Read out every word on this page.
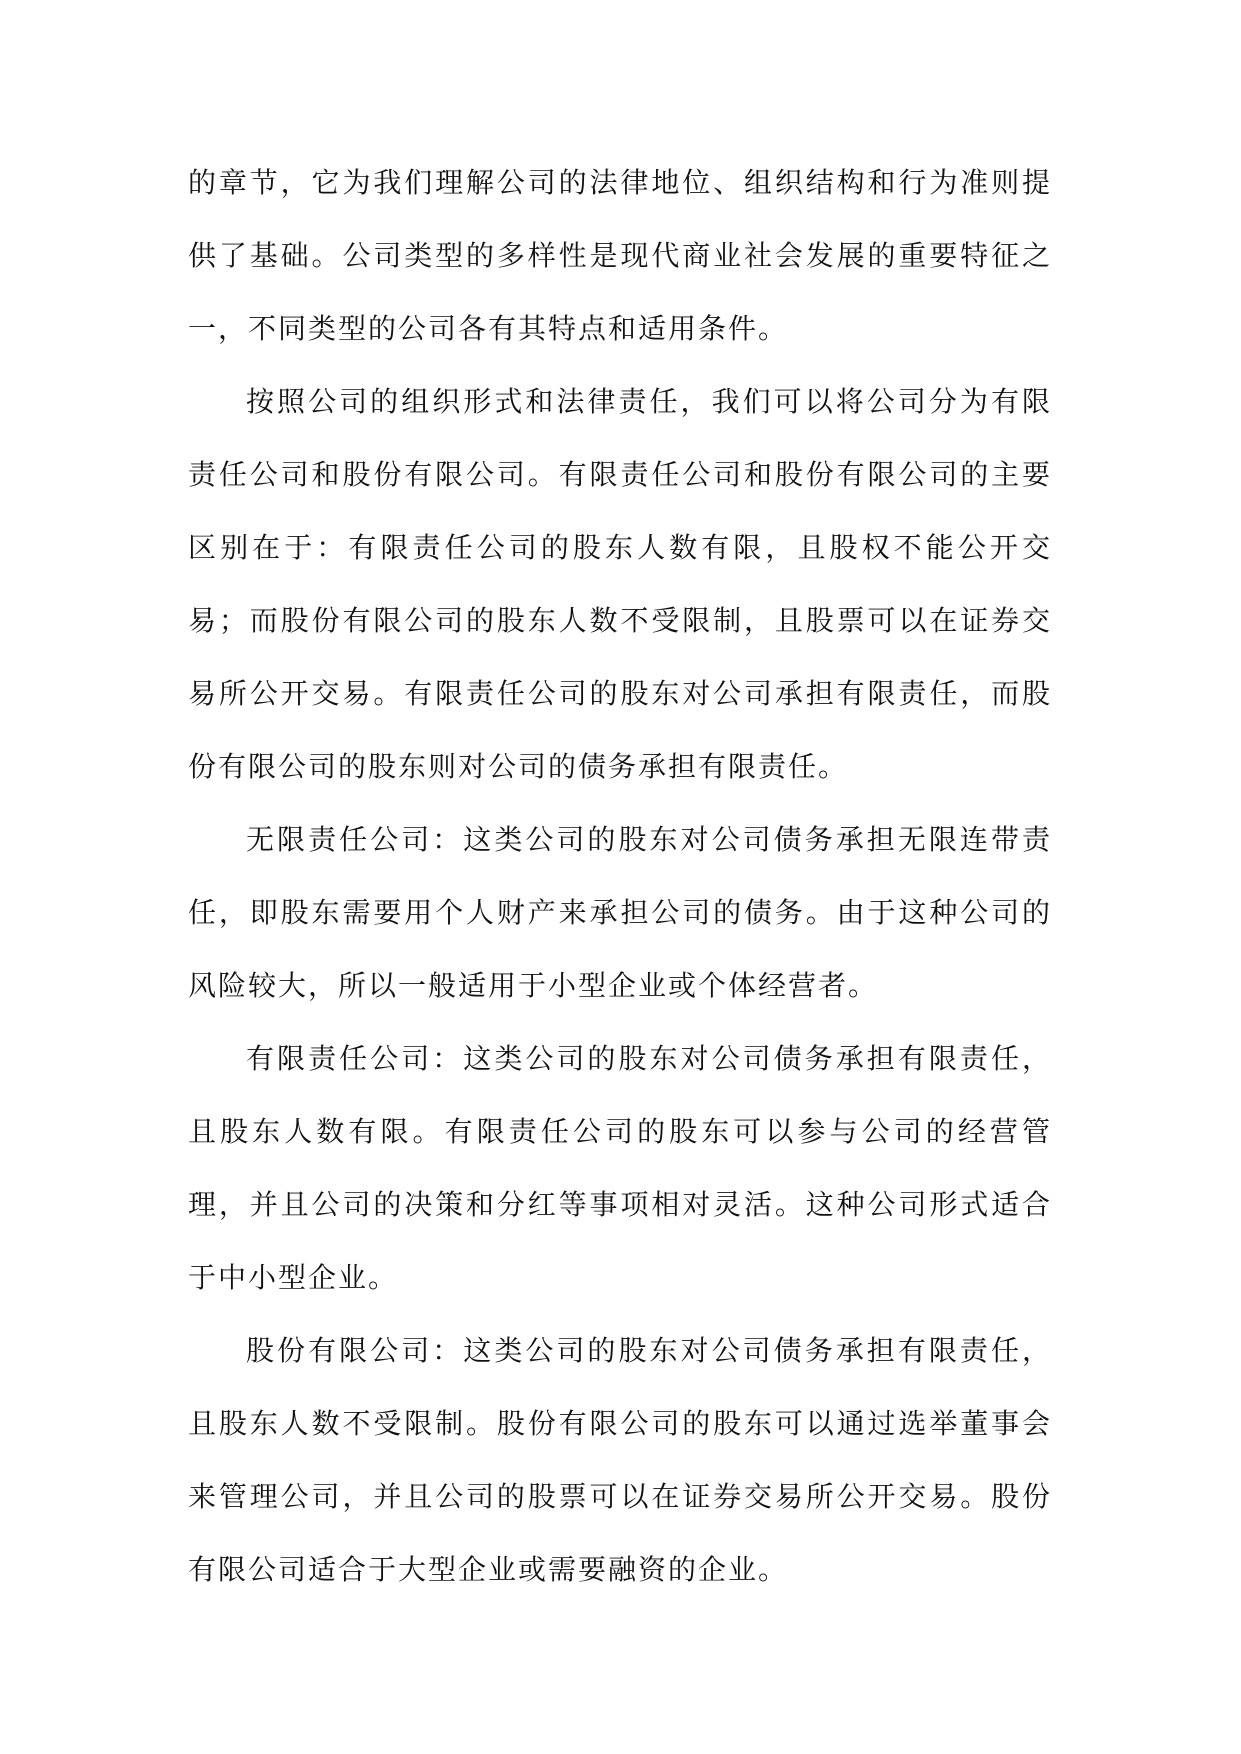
的章节，它为我们理解公司的法律地位、组织结构和行为准则提供了基础。公司类型的多样性是现代商业社会发展的重要特征之一，不同类型的公司各有其特点和适用条件。

按照公司的组织形式和法律责任，我们可以将公司分为有限责任公司和股份有限公司。有限责任公司和股份有限公司的主要区别在于：有限责任公司的股东人数有限，且股权不能公开交易；而股份有限公司的股东人数不受限制，且股票可以在证券交易所公开交易。有限责任公司的股东对公司承担有限责任，而股份有限公司的股东则对公司的债务承担有限责任。

无限责任公司：这类公司的股东对公司债务承担无限连带责任，即股东需要用个人财产来承担公司的债务。由于这种公司的风险较大，所以一般适用于小型企业或个体经营者。

有限责任公司：这类公司的股东对公司债务承担有限责任，且股东人数有限。有限责任公司的股东可以参与公司的经营管理，并且公司的决策和分红等事项相对灵活。这种公司形式适合于中小型企业。

股份有限公司：这类公司的股东对公司债务承担有限责任，且股东人数不受限制。股份有限公司的股东可以通过选举董事会来管理公司，并且公司的股票可以在证券交易所公开交易。股份有限公司适合于大型企业或需要融资的企业。
